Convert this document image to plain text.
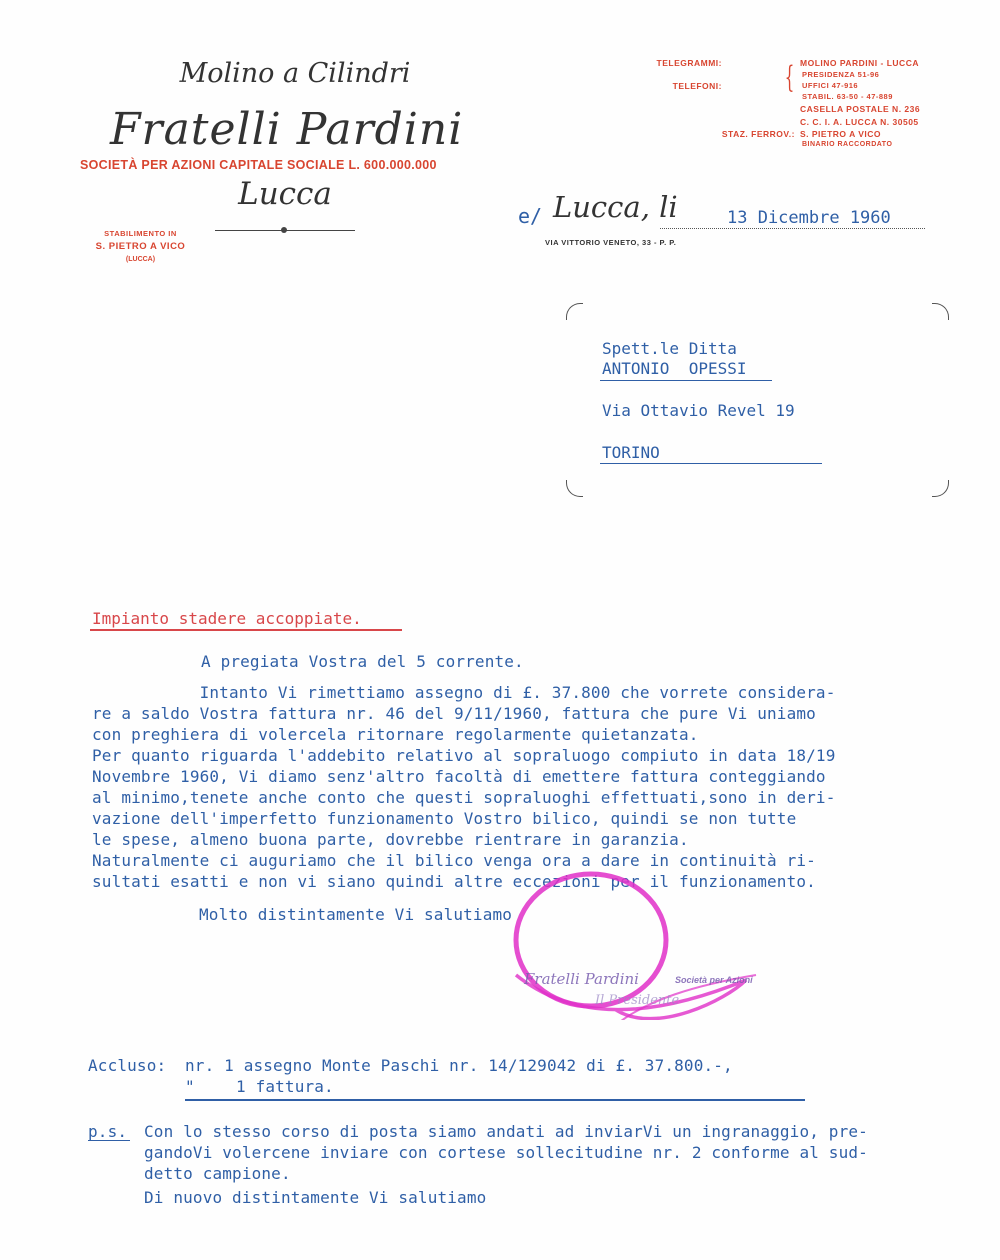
Molino a Cilindri
Fratelli Pardini
SOCIETÀ PER AZIONI CAPITALE SOCIALE L. 600.000.000
Lucca
STABILIMENTO IN
S. PIETRO A VICO
(LUCCA)
TELEGRAMMI:	MOLINO PARDINI - LUCCA
TELEFONI: { PRESIDENZA 51-96
UFFICI 47-916
STABIL. 63-50 - 47-889
CASELLA POSTALE N. 236
C. C. I. A. LUCCA N. 30505
STAZ. FERROV.: S. PIETRO A VICO
BINARIO RACCORDATO
e/ Lucca, li	13 Dicembre 1960
VIA VITTORIO VENETO, 33 - P. P.
Spett.le Ditta
ANTONIO  OPESSI
Via Ottavio Revel 19
TORINO
Impianto stadere accoppiate.
A pregiata Vostra del 5 corrente.
Intanto Vi rimettiamo assegno di £. 37.800 che vorrete considera-
re a saldo Vostra fattura nr. 46 del 9/11/1960, fattura che pure Vi uniamo
con preghiera di volercela ritornare regolarmente quietanzata.
Per quanto riguarda l'addebito relativo al sopraluogo compiuto in data 18/19
Novembre 1960, Vi diamo senz'altro facoltà di emettere fattura conteggiando
al minimo,tenete anche conto che questi sopraluoghi effettuati,sono in deri-
vazione dell'imperfetto funzionamento Vostro bilico, quindi se non tutte
le spese, almeno buona parte, dovrebbe rientrare in garanzia.
Naturalmente ci auguriamo che il bilico venga ora a dare in continuità ri-
sultati esatti e non vi siano quindi altre eccezioni per il funzionamento.
Molto distintamente Vi salutiamo
Fratelli Pardini	Società per Azioni
Il Presidente
Accluso: nr. 1 assegno Monte Paschi nr. 14/129042 di £. 37.800.-,
"	1 fattura.
p.s. Con lo stesso corso di posta siamo andati ad inviarVi un ingranaggio, pre-
gandoVi volercene inviare con cortese sollecitudine nr. 2 conforme al sud-
detto campione.
Di nuovo distintamente Vi salutiamo
